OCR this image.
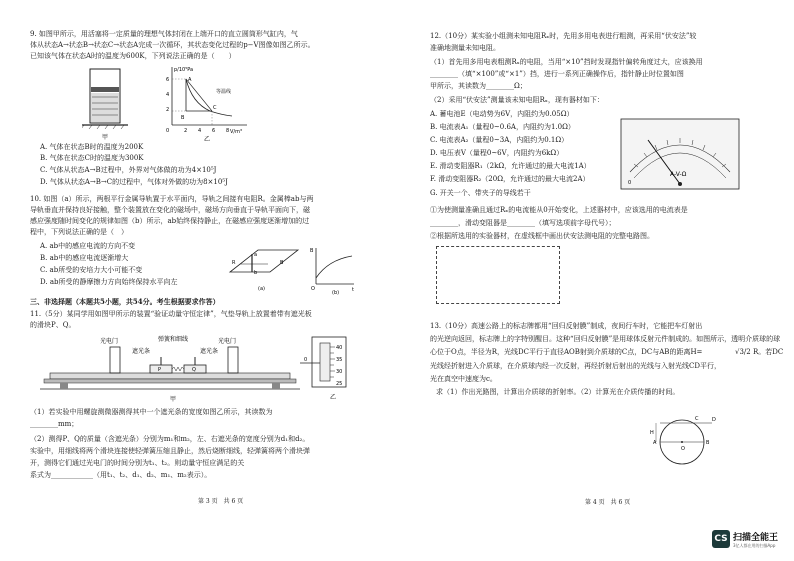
9. 如图甲所示，用活塞将一定质量的理想气体封闭在上端开口的直立圆筒形气缸内，气
体从状态A→状态B→状态C→状态A完成一次循环，其状态变化过程的p−V图像如图乙所示。
已知该气体在状态A时的温度为600K，下列说法正确的是（　　）
甲
p/10⁵Pa
V/m³
6
4
2
0	2 4 6 8
等温线
A
B
C
乙
A. 气体在状态B时的温度为200K
B. 气体在状态C时的温度为300K
C. 气体从状态A→B过程中，外界对气体做的功为4×10⁵J
D. 气体从状态A→B→C的过程中，气体对外做的功为8×10⁵J
10. 如图（a）所示，两根平行金属导轨置于水平面内，导轨之间接有电阻R。金属棒ab与两
导轨垂直并保持良好接触，整个装置放在变化的磁场中，磁场方向垂直于导轨平面向下，磁
感应强度随时间变化的规律如图（b）所示，ab始终保持静止，在磁感应强度逐渐增加的过
程中，下列说法正确的是（　）
A. ab中的感应电流的方向不变
B. ab中的感应电流逐渐增大
C. ab所受的安培力大小可能不变
D. ab所受的静摩擦力方向始终保持水平向左
R
a
b
B
(a)
B
t
O
(b)
三、非选择题（本题共5小题，共54分。考生根据要求作答）
11.（5分）某同学用如图甲所示的装置“验证动量守恒定律”，气垫导轨上放置着带有遮光板
的滑块P、Q。
光电门	光电门
P	Q
遮光条	遮光条
弹簧和细线
甲
40
35
30
25
0
乙
（1）若实验中用螺旋测微器测得其中一个遮光条的宽度如图乙所示，其读数为
________mm；
（2）测得P、Q的质量（含遮光条）分别为m₁和m₂，左、右遮光条的宽度分别为d₁和d₂。
实验中，用细线将两个滑块连接使轻弹簧压缩且静止，然后烧断细线，轻弹簧将两个滑块弹
开，测得它们通过光电门的时间分别为t₁、t₂。则动量守恒应满足的关
系式为____________（用t₁、t₂、d₁、d₂、m₁、m₂表示）。
第 3 页　共 6 页
12.（10分）某实验小组测未知电阻Rₓ时，先用多用电表进行粗测，再采用“伏安法”较
准确地测量未知电阻。
（1）首先用多用电表粗测Rₓ的电阻，当用“×10”挡时发现指针偏转角度过大，应该换用
________（填“×100”或“×1”）挡，进行一系列正确操作后，指针静止时位置如图
甲所示，其读数为________Ω；
（2）采用“伏安法”测量该未知电阻Rₓ，现有器材如下：
A. 蓄电池E（电动势为6V，内阻约为0.05Ω）
B. 电流表A₁（量程0~0.6A，内阻约为1.0Ω）
C. 电流表A₂（量程0~3A，内阻约为0.1Ω）
D. 电压表V（量程0~6V，内阻约为6kΩ）
E. 滑动变阻器R₁（2kΩ，允许通过的最大电流1A）
F. 滑动变阻器R₂（20Ω，允许通过的最大电流2A）
G. 开关一个、带夹子的导线若干
A-V-Ω
0
①为使测量准确且通过Rₓ的电流能从0开始变化，上述器材中，应该选用的电流表是
________，滑动变阻器是________（填写选项前字母代号）；
②根据所选用的实验器材，在虚线框中画出伏安法测电阻的完整电路图。
13.（10分）高速公路上的标志牌都用“回归反射膜”制成，夜间行车时，它能把车灯射出
的光逆向返回，标志牌上的字特别醒目。这种“回归反射膜”是用球体反射元件制成的。如图所示，透明介质球的球
心位于O点，半径为R，光线DC平行于直径AOB射到介质球的C点，DC与AB的距离H=	√3/2 R。若DC
光线经折射进入介质球，在介质球内经一次反射，再经折射后射出的光线与入射光线CD平行，
光在真空中速度为c。
求（1）作出光路图，计算出介质球的折射率。（2）计算光在介质传播的时间。
A	B
O
C	D
H
第 4 页　共 6 页
CS 扫描全能王
3亿人都在用的扫描App
